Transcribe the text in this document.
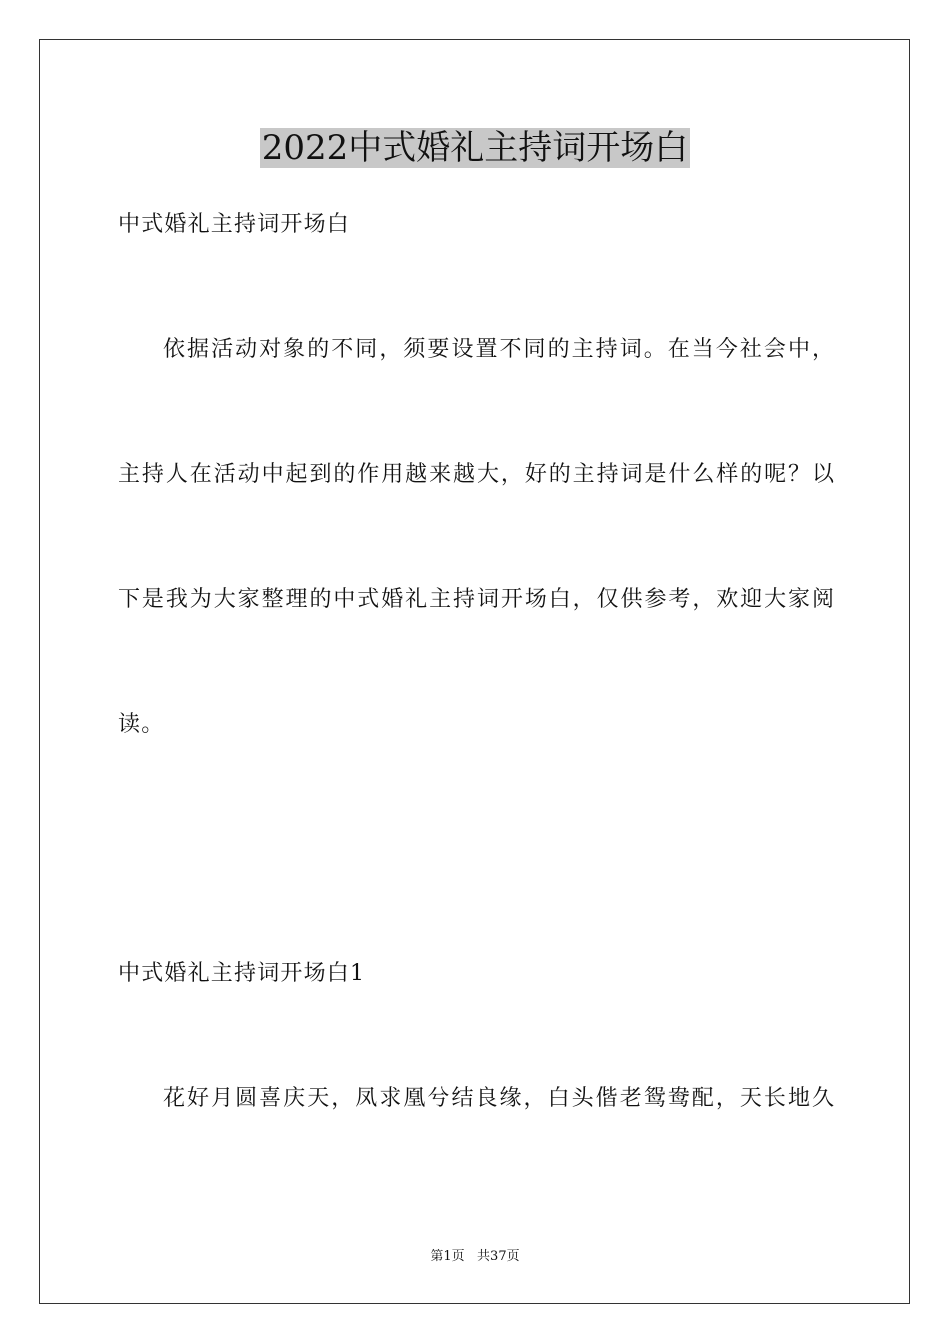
2022中式婚礼主持词开场白
中式婚礼主持词开场白
依据活动对象的不同，须要设置不同的主持词。在当今社会中，
主持人在活动中起到的作用越来越大，好的主持词是什么样的呢？以
下是我为大家整理的中式婚礼主持词开场白，仅供参考，欢迎大家阅
读。
中式婚礼主持词开场白1
花好月圆喜庆天，凤求凰兮结良缘，白头偕老鸳鸯配，天长地久
第1页   共37页
